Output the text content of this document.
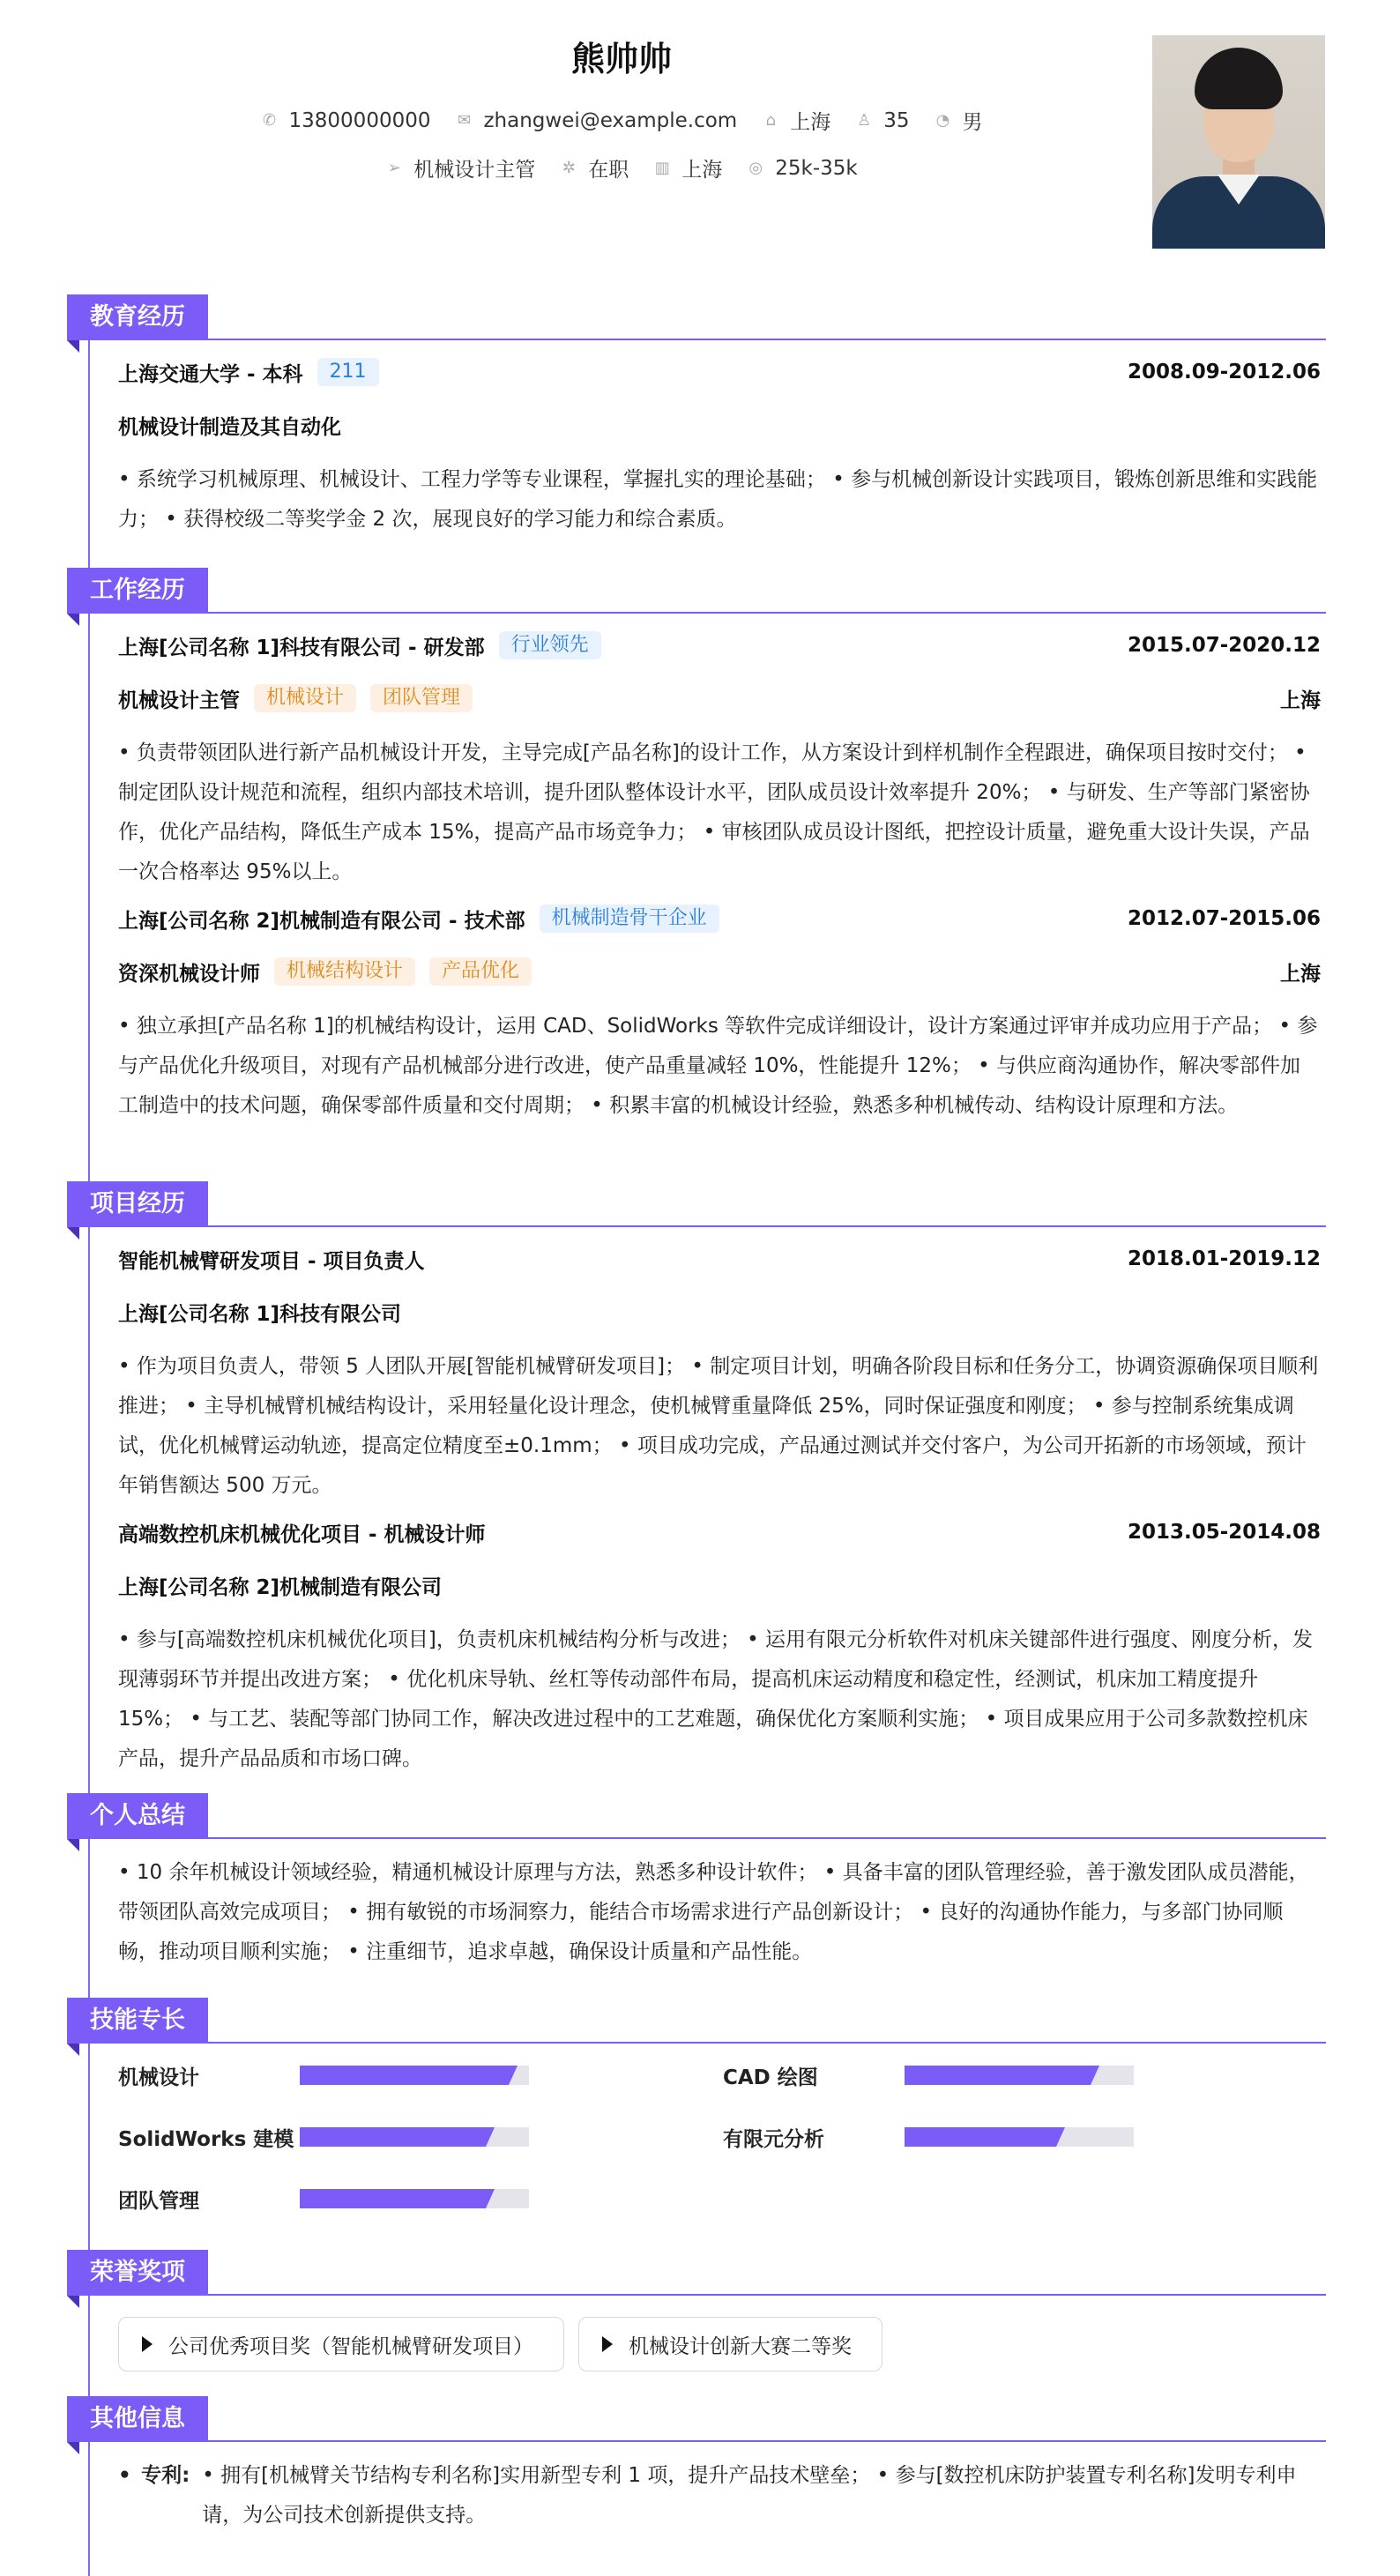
熊帅帅
✆ 13800000000 ✉ zhangwei@example.com ⌂ 上海 ♙ 35 ◔ 男
➢ 机械设计主管 ✲ 在职 ▥ 上海 ◎ 25k-35k
教育经历
上海交通大学 - 本科	211	2008.09-2012.06
机械设计制造及其自动化
• 系统学习机械原理、机械设计、工程力学等专业课程，掌握扎实的理论基础； • 参与机械创新设计实践项目，锻炼创新思维和实践能力； • 获得校级二等奖学金 2 次，展现良好的学习能力和综合素质。
工作经历
上海[公司名称 1]科技有限公司 - 研发部	行业领先	2015.07-2020.12
机械设计主管	机械设计	团队管理	上海
• 负责带领团队进行新产品机械设计开发，主导完成[产品名称]的设计工作，从方案设计到样机制作全程跟进，确保项目按时交付； • 制定团队设计规范和流程，组织内部技术培训，提升团队整体设计水平，团队成员设计效率提升 20%； • 与研发、生产等部门紧密协作，优化产品结构，降低生产成本 15%，提高产品市场竞争力； • 审核团队成员设计图纸，把控设计质量，避免重大设计失误，产品一次合格率达 95%以上。
上海[公司名称 2]机械制造有限公司 - 技术部	机械制造骨干企业	2012.07-2015.06
资深机械设计师	机械结构设计	产品优化	上海
• 独立承担[产品名称 1]的机械结构设计，运用 CAD、SolidWorks 等软件完成详细设计，设计方案通过评审并成功应用于产品； • 参与产品优化升级项目，对现有产品机械部分进行改进，使产品重量减轻 10%，性能提升 12%； • 与供应商沟通协作，解决零部件加工制造中的技术问题，确保零部件质量和交付周期； • 积累丰富的机械设计经验，熟悉多种机械传动、结构设计原理和方法。
项目经历
智能机械臂研发项目 - 项目负责人	2018.01-2019.12
上海[公司名称 1]科技有限公司
• 作为项目负责人，带领 5 人团队开展[智能机械臂研发项目]； • 制定项目计划，明确各阶段目标和任务分工，协调资源确保项目顺利推进； • 主导机械臂机械结构设计，采用轻量化设计理念，使机械臂重量降低 25%，同时保证强度和刚度； • 参与控制系统集成调试，优化机械臂运动轨迹，提高定位精度至±0.1mm； • 项目成功完成，产品通过测试并交付客户，为公司开拓新的市场领域，预计年销售额达 500 万元。
高端数控机床机械优化项目 - 机械设计师	2013.05-2014.08
上海[公司名称 2]机械制造有限公司
• 参与[高端数控机床机械优化项目]，负责机床机械结构分析与改进； • 运用有限元分析软件对机床关键部件进行强度、刚度分析，发现薄弱环节并提出改进方案； • 优化机床导轨、丝杠等传动部件布局，提高机床运动精度和稳定性，经测试，机床加工精度提升 15%； • 与工艺、装配等部门协同工作，解决改进过程中的工艺难题，确保优化方案顺利实施； • 项目成果应用于公司多款数控机床产品，提升产品品质和市场口碑。
个人总结
• 10 余年机械设计领域经验，精通机械设计原理与方法，熟悉多种设计软件； • 具备丰富的团队管理经验，善于激发团队成员潜能，带领团队高效完成项目； • 拥有敏锐的市场洞察力，能结合市场需求进行产品创新设计； • 良好的沟通协作能力，与多部门协同顺畅，推动项目顺利实施； • 注重细节，追求卓越，确保设计质量和产品性能。
技能专长
机械设计	CAD 绘图
SolidWorks 建模	有限元分析
团队管理
荣誉奖项
公司优秀项目奖（智能机械臂研发项目）	机械设计创新大赛二等奖
其他信息
• 专利: • 拥有[机械臂关节结构专利名称]实用新型专利 1 项，提升产品技术壁垒； • 参与[数控机床防护装置专利名称]发明专利申请，为公司技术创新提供支持。
